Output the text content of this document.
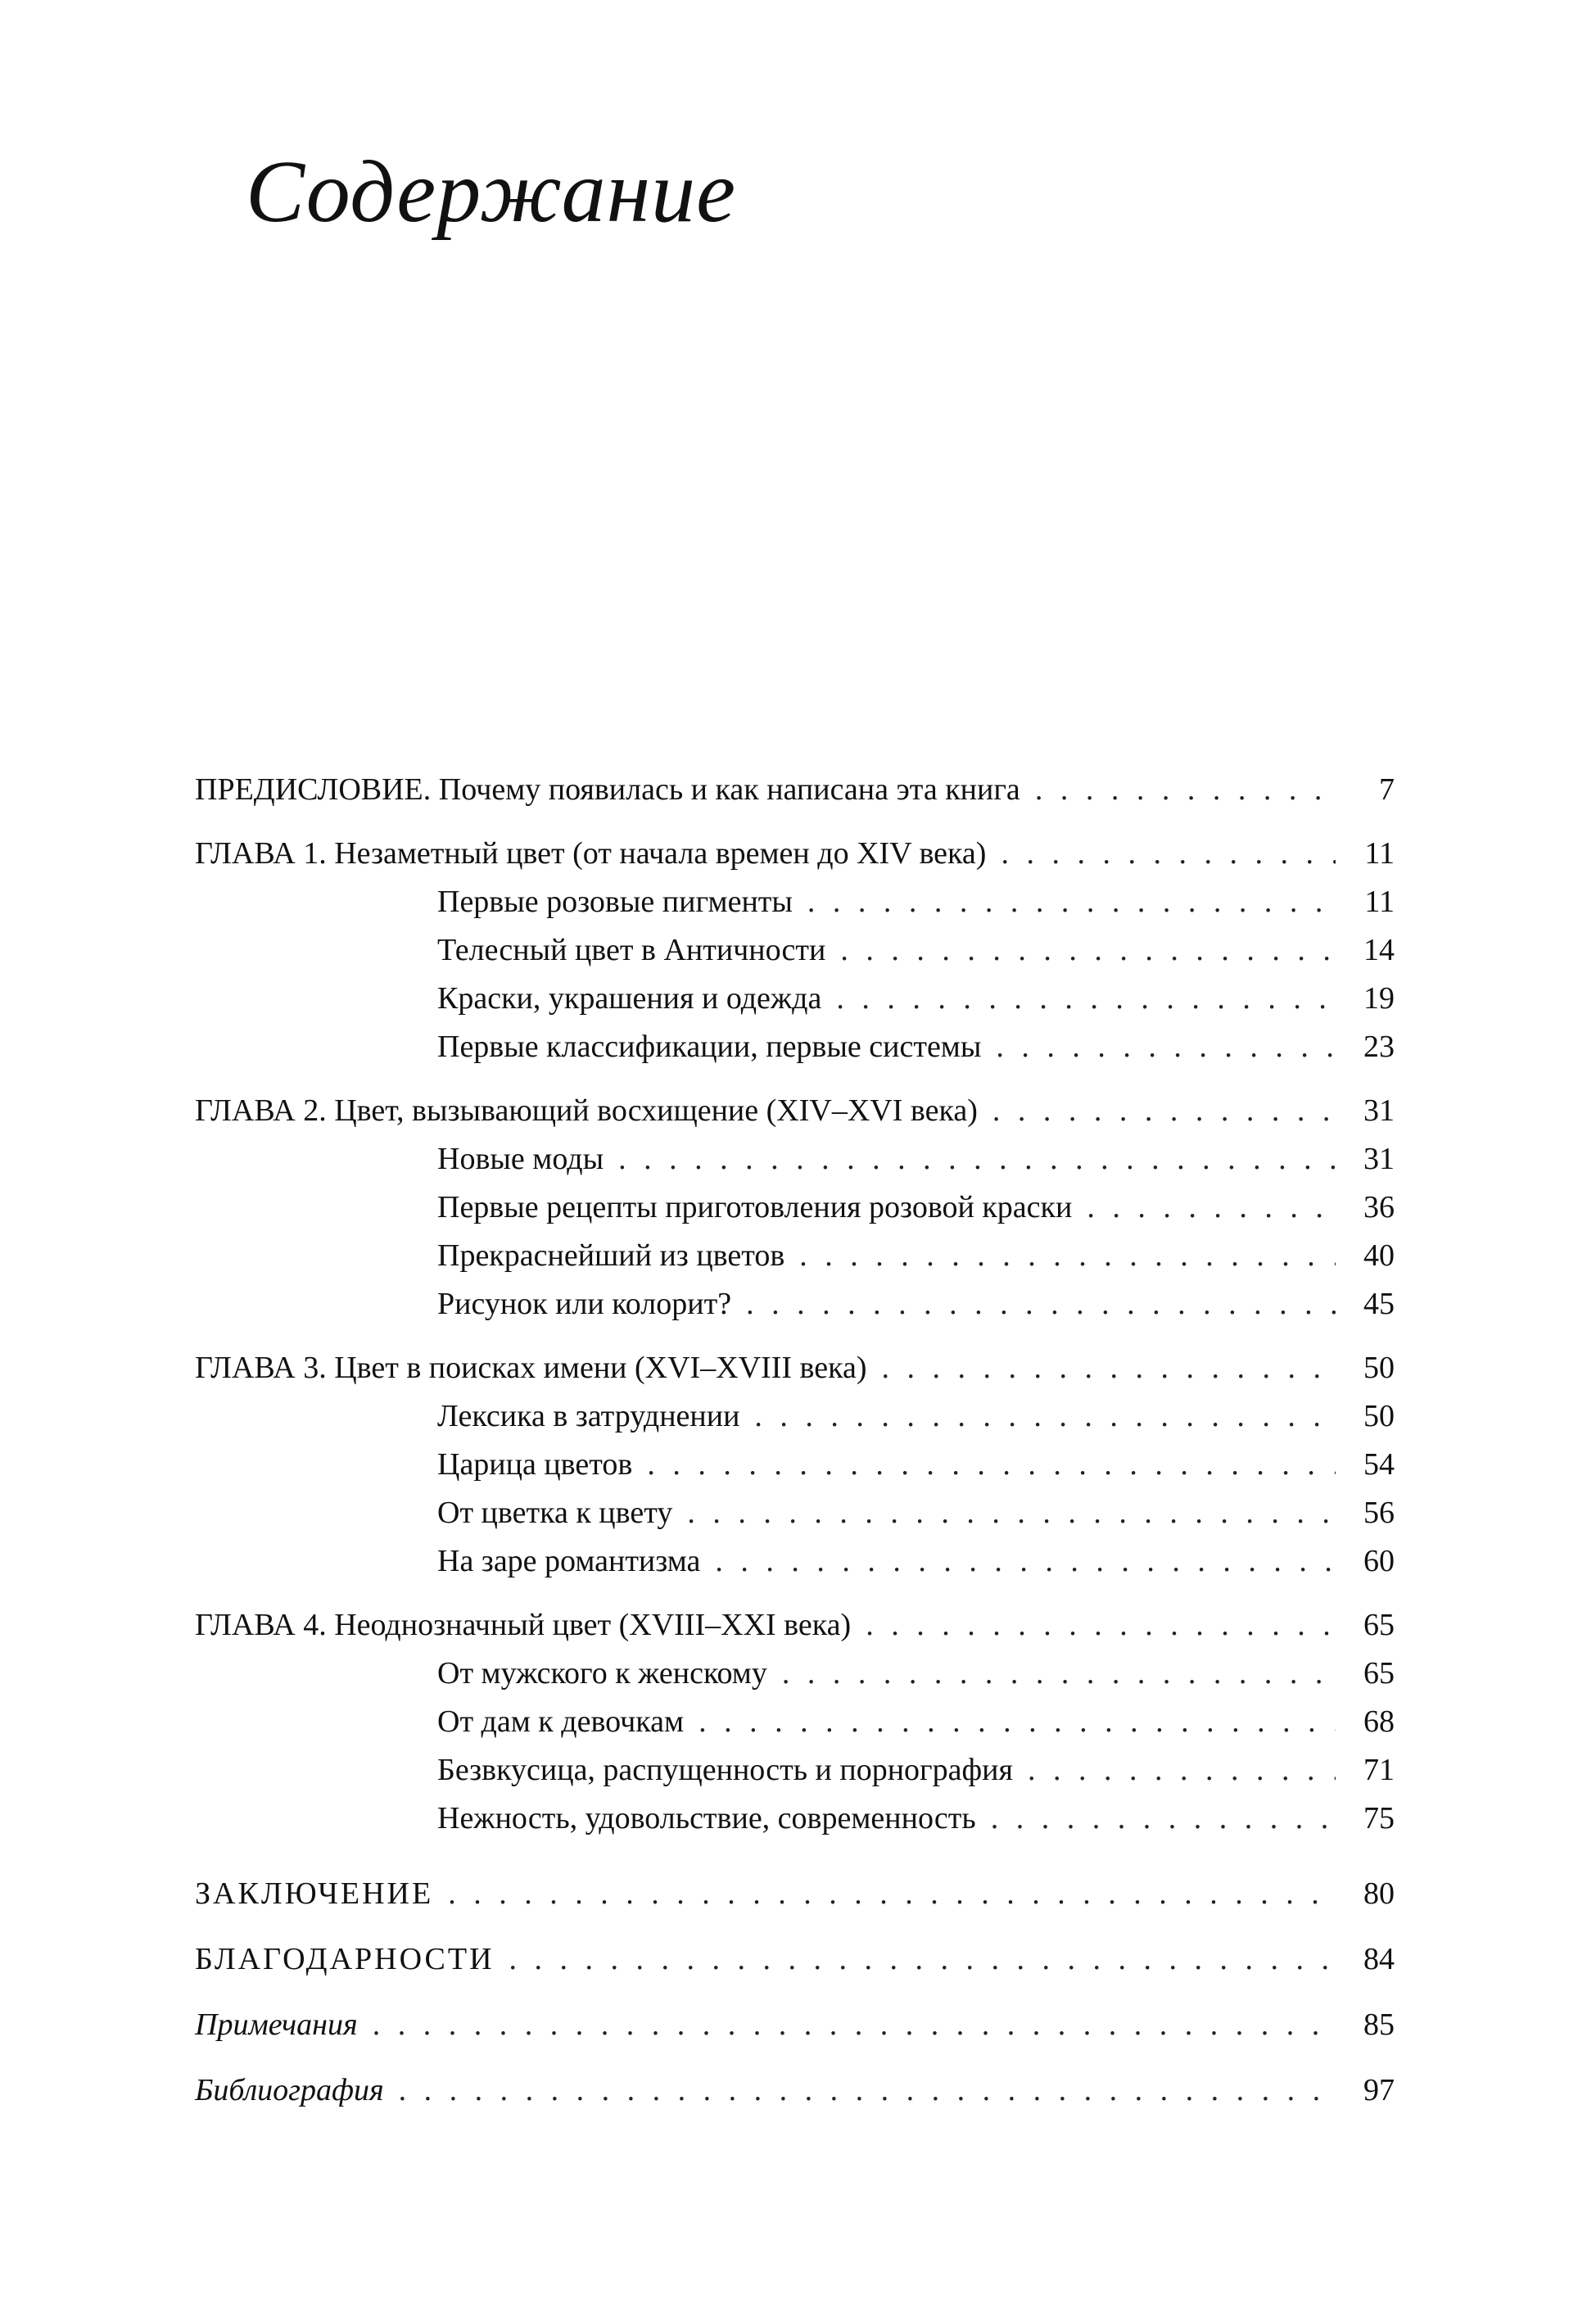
Содержание
ПРЕДИСЛОВИЕ. Почему появилась и как написана эта книга . . .	7
ГЛАВА 1. Незаметный цвет (от начала времен до XIV века) . . .	11
Первые розовые пигменты . . .	11
Телесный цвет в Античности . . .	14
Краски, украшения и одежда . . .	19
Первые классификации, первые системы . . .	23
ГЛАВА 2. Цвет, вызывающий восхищение (XIV–XVI века) . . .	31
Новые моды . . .	31
Первые рецепты приготовления розовой краски . . .	36
Прекраснейший из цветов . . .	40
Рисунок или колорит? . . .	45
ГЛАВА 3. Цвет в поисках имени (XVI–XVIII века) . . .	50
Лексика в затруднении . . .	50
Царица цветов . . .	54
От цветка к цвету . . .	56
На заре романтизма . . .	60
ГЛАВА 4. Неоднозначный цвет (XVIII–XXI века) . . .	65
От мужского к женскому . . .	65
От дам к девочкам . . .	68
Безвкусица, распущенность и порнография . . .	71
Нежность, удовольствие, современность . . .	75
ЗАКЛЮЧЕНИЕ . . .	80
БЛАГОДАРНОСТИ . . .	84
Примечания . . .	85
Библиография . . .	97
